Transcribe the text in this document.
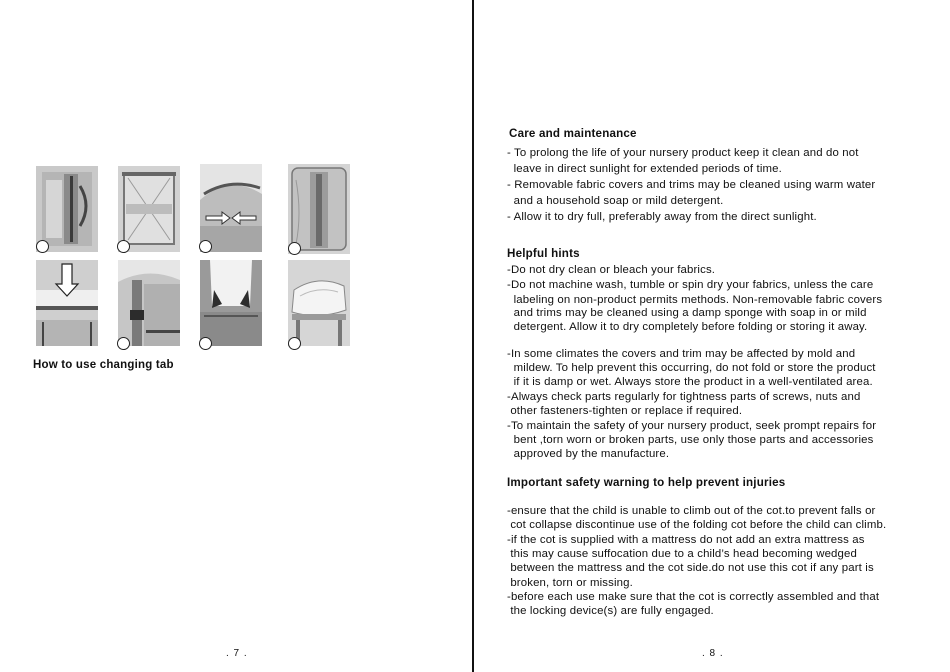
How to use changing tab
. 7 .
Care and maintenance
- To prolong the life of your nursery product keep it clean and do not
leave in direct sunlight for extended periods of time.
- Removable fabric covers and trims may be cleaned using warm water
and a household soap or mild detergent.
- Allow it to dry full, preferably away from the direct sunlight.
Helpful hints
-Do not dry clean or bleach your fabrics.
-Do not machine wash, tumble or spin dry your fabrics, unless the care
labeling on non-product permits methods. Non-removable fabric covers
and trims may be cleaned using a damp sponge with soap in or mild
detergent. Allow it to dry completely before folding or storing it away.
-In some climates the covers and trim may be affected by mold and
mildew. To help prevent this occurring, do not fold or store the product
if it is damp or wet. Always store the product in a well-ventilated area.
-Always check parts regularly for tightness parts of screws, nuts and
other fasteners-tighten or replace if required.
-To maintain the safety of your nursery product, seek prompt repairs for
bent ,torn worn or broken parts, use only those parts and accessories
approved by the manufacture.
Important safety warning to help prevent injuries
-ensure that the child is unable to climb out of the cot.to prevent falls or
cot collapse discontinue use of the folding cot before the child can climb.
-if the cot is supplied with a mattress do not add an extra mattress as
this may cause suffocation due to a child’s head becoming wedged
between the mattress and the cot side.do not use this cot if any part is
broken, torn or missing.
-before each use make sure that the cot is correctly assembled and that
the locking device(s) are fully engaged.
. 8 .
